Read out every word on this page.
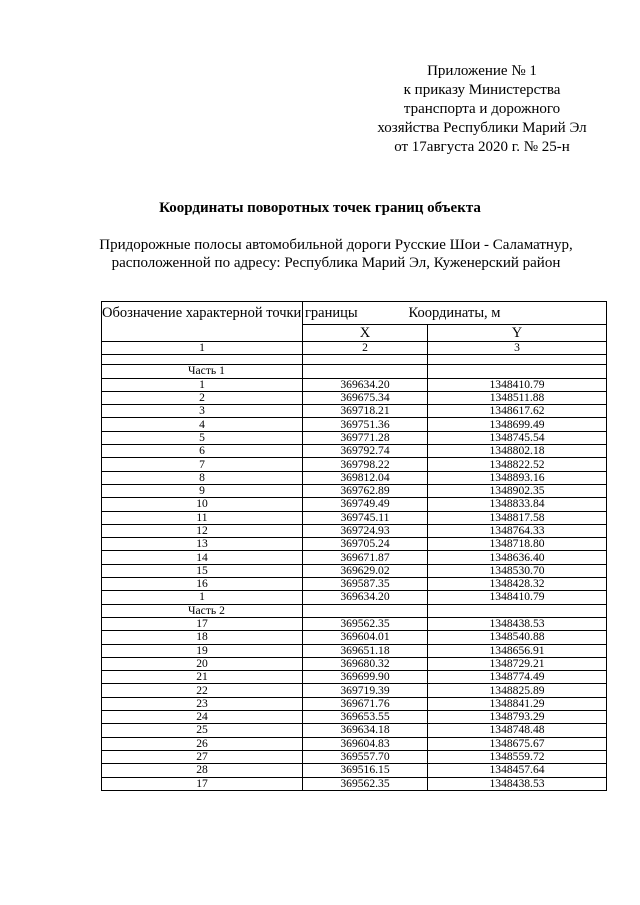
Приложение № 1
к приказу Министерства
транспорта и дорожного
хозяйства Республики Марий Эл
от 17августа 2020 г. № 25-н
Координаты поворотных точек границ объекта
Придорожные полосы автомобильной дороги Русские Шои - Саламатнур,
расположенной по адресу: Республика Марий Эл, Куженерский район
Обозначение характерной точки границы	Координаты, м	
	X	Y
1	2	3

Часть 1		
1	369634.20	1348410.79
2	369675.34	1348511.88
3	369718.21	1348617.62
4	369751.36	1348699.49
5	369771.28	1348745.54
6	369792.74	1348802.18
7	369798.22	1348822.52
8	369812.04	1348893.16
9	369762.89	1348902.35
10	369749.49	1348833.84
11	369745.11	1348817.58
12	369724.93	1348764.33
13	369705.24	1348718.80
14	369671.87	1348636.40
15	369629.02	1348530.70
16	369587.35	1348428.32
1	369634.20	1348410.79
Часть 2		
17	369562.35	1348438.53
18	369604.01	1348540.88
19	369651.18	1348656.91
20	369680.32	1348729.21
21	369699.90	1348774.49
22	369719.39	1348825.89
23	369671.76	1348841.29
24	369653.55	1348793.29
25	369634.18	1348748.48
26	369604.83	1348675.67
27	369557.70	1348559.72
28	369516.15	1348457.64
17	369562.35	1348438.53
